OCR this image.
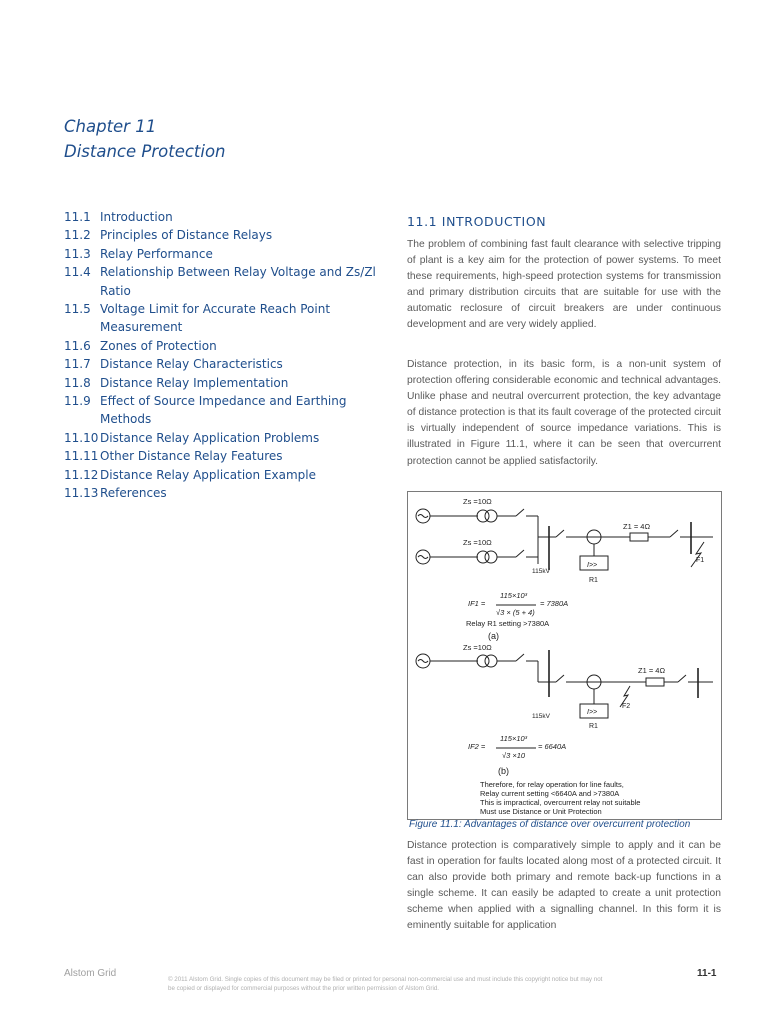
Chapter 11
Distance Protection
11.1 Introduction
11.2 Principles of Distance Relays
11.3 Relay Performance
11.4 Relationship Between Relay Voltage and Zs/Zl Ratio
11.5 Voltage Limit for Accurate Reach Point Measurement
11.6 Zones of Protection
11.7 Distance Relay Characteristics
11.8 Distance Relay Implementation
11.9 Effect of Source Impedance and Earthing Methods
11.10 Distance Relay Application Problems
11.11 Other Distance Relay Features
11.12 Distance Relay Application Example
11.13 References
11.1 INTRODUCTION

The problem of combining fast fault clearance with selective tripping of plant is a key aim for the protection of power systems. To meet these requirements, high-speed protection systems for transmission and primary distribution circuits that are suitable for use with the automatic reclosure of circuit breakers are under continuous development and are very widely applied.

Distance protection, in its basic form, is a non-unit system of protection offering considerable economic and technical advantages. Unlike phase and neutral overcurrent protection, the key advantage of distance protection is that its fault coverage of the protected circuit is virtually independent of source impedance variations. This is illustrated in Figure 11.1, where it can be seen that overcurrent protection cannot be applied satisfactorily.

Zs =10Ω
Zs =10Ω
Z1 = 4Ω
115kV
I>>
R1
F1
IF1 =
115×10³
√3 × (5 + 4)
= 7380A
Relay R1 setting >7380A
(a)
Zs =10Ω
Z1 = 4Ω
115kV
I>>
R1
F2
IF2 =
115×10³
√3 ×10
= 6640A
(b)
Therefore, for relay operation for line faults,
Relay current setting <6640A and >7380A
This is impractical, overcurrent relay not suitable
Must use Distance or Unit Protection
Figure 11.1: Advantages of distance over overcurrent protection

Distance protection is comparatively simple to apply and it can be fast in operation for faults located along most of a protected circuit. It can also provide both primary and remote back-up functions in a single scheme. It can easily be adapted to create a unit protection scheme when applied with a signalling channel. In this form it is eminently suitable for application

Alstom Grid
© 2011 Alstom Grid. Single copies of this document may be filed or printed for personal non-commercial use and must include this copyright notice but may not be copied or displayed for commercial purposes without the prior written permission of Alstom Grid.
11-1
